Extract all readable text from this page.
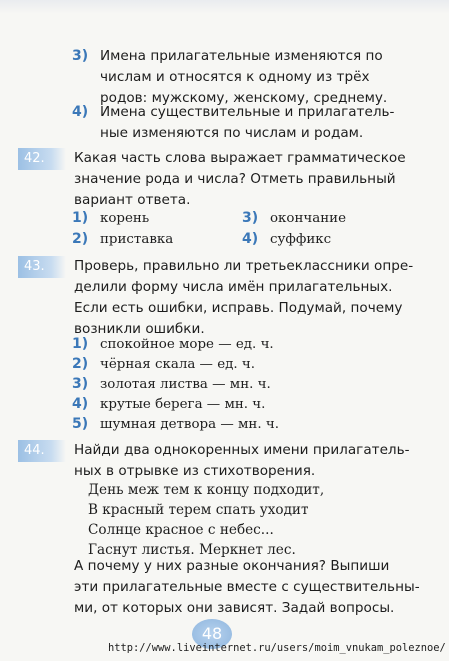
3) Имена прилагательные изменяются по
числам и относятся к одному из трёх
родов: мужскому, женскому, среднему.
4) Имена существительные и прилагатель-
ные изменяются по числам и родам.
42.	Какая часть слова выражает грамматическое
значение рода и числа? Отметь правильный
вариант ответа.
1) корень	3) окончание
2) приставка	4) суффикс
43.	Проверь, правильно ли третьеклассники опре-
делили форму числа имён прилагательных.
Если есть ошибки, исправь. Подумай, почему
возникли ошибки.
1) спокойное море — ед. ч.
2) чёрная скала — ед. ч.
3) золотая листва — мн. ч.
4) крутые берега — мн. ч.
5) шумная детвора — мн. ч.
44.	Найди два однокоренных имени прилагатель-
ных в отрывке из стихотворения.
День меж тем к концу подходит,
В красный терем спать уходит
Солнце красное с небес...
Гаснут листья. Меркнет лес.
А почему у них разные окончания? Выпиши
эти прилагательные вместе с существительны-
ми, от которых они зависят. Задай вопросы.
48
http://www.liveinternet.ru/users/moim_vnukam_poleznoe/
